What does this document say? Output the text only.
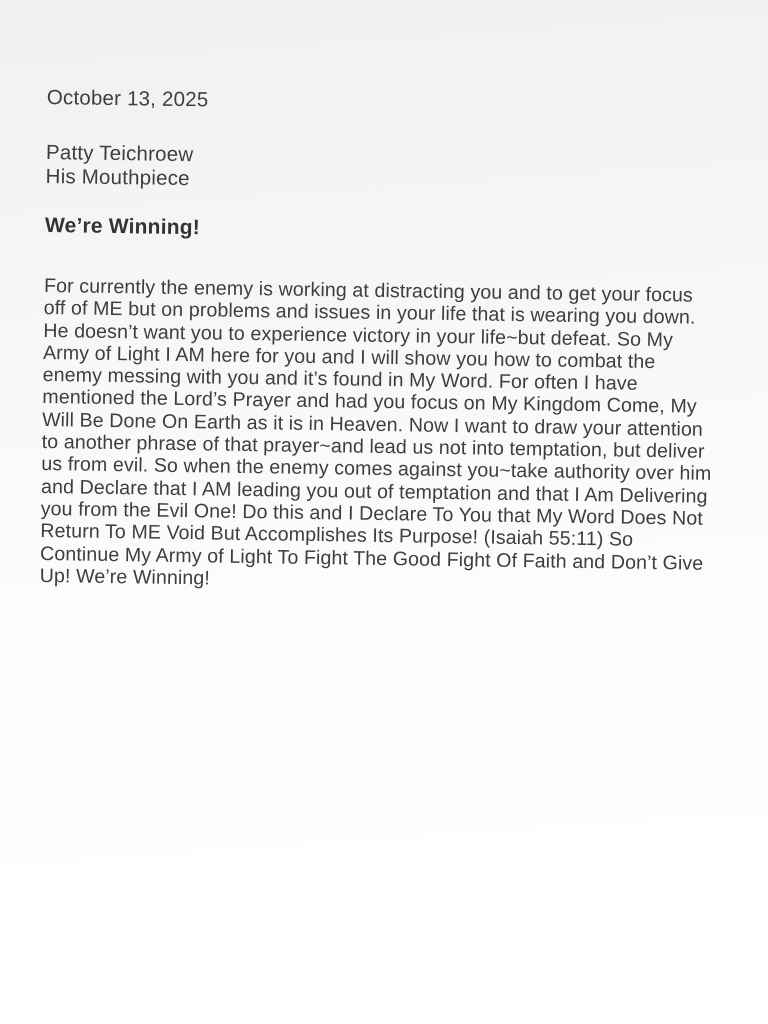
October 13, 2025
Patty Teichroew
His Mouthpiece
We’re Winning!
For currently the enemy is working at distracting you and to get your focus off of ME but on problems and issues in your life that is wearing you down. He doesn’t want you to experience victory in your life~but defeat. So My Army of Light I AM here for you and I will show you how to combat the enemy messing with you and it’s found in My Word. For often I have mentioned the Lord’s Prayer and had you focus on My Kingdom Come, My Will Be Done On Earth as it is in Heaven. Now I want to draw your attention to another phrase of that prayer~and lead us not into temptation, but deliver us from evil. So when the enemy comes against you~take authority over him and Declare that I AM leading you out of temptation and that I Am Delivering you from the Evil One! Do this and I Declare To You that My Word Does Not Return To ME Void But Accomplishes Its Purpose! (Isaiah 55:11) So Continue My Army of Light To Fight The Good Fight Of Faith and Don’t Give Up! We’re Winning!
